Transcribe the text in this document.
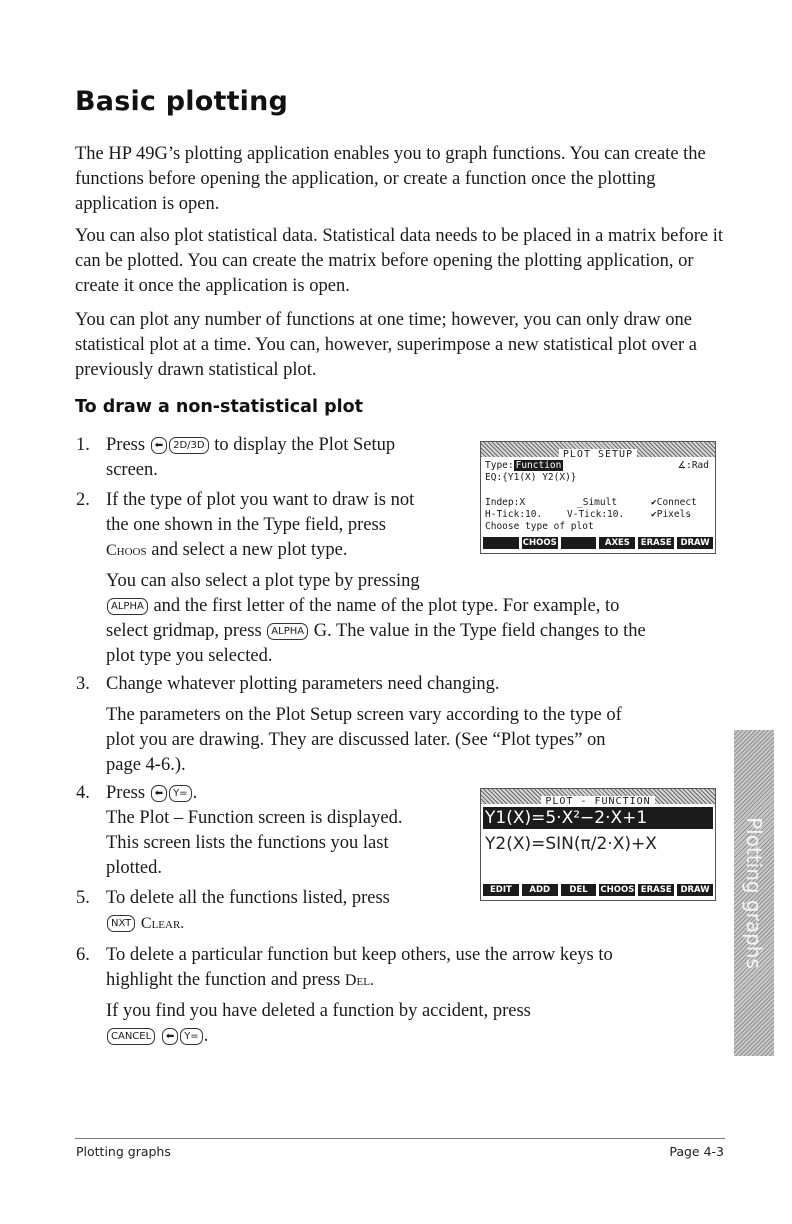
Basic plotting

The HP 49G’s plotting application enables you to graph functions. You can create the functions before opening the application, or create a function once the plotting application is open.

You can also plot statistical data. Statistical data needs to be placed in a matrix before it can be plotted. You can create the matrix before opening the plotting application, or create it once the application is open.

You can plot any number of functions at one time; however, you can only draw one statistical plot at a time. You can, however, superimpose a new statistical plot over a previously drawn statistical plot.

To draw a non-statistical plot
1. Press ⬅ 2D/3D to display the Plot Setup
screen.
2. If the type of plot you want to draw is not
the one shown in the Type field, press
Choos and select a new plot type.
You can also select a plot type by pressing
ALPHA and the first letter of the name of the plot type. For example, to
select gridmap, press ALPHA G. The value in the Type field changes to the
plot type you selected.
3. Change whatever plotting parameters need changing.
The parameters on the Plot Setup screen vary according to the type of
plot you are drawing. They are discussed later. (See “Plot types” on
page 4-6.).
4. Press ⬅ Y= .
The Plot – Function screen is displayed.
This screen lists the functions you last
plotted.
5. To delete all the functions listed, press
NXT Clear.
6. To delete a particular function but keep others, use the arrow keys to
highlight the function and press Del.
If you find you have deleted a function by accident, press
CANCEL ⬅ Y= .
PLOT SETUP
Type: Function	∡:Rad
EQ:{Y1(X) Y2(X)}
Indep:X	_Simult	✔Connect
H-Tick:10.	V-Tick:10.	✔Pixels
Choose type of plot
CHOOS	AXES	ERASE	DRAW
PLOT - FUNCTION
Y1(X)=5·X²−2·X+1
Y2(X)=SIN(π/2·X)+X
EDIT	ADD	DEL	CHOOS ERASE	DRAW Plotting graphs
Plotting graphs	Page 4-3
